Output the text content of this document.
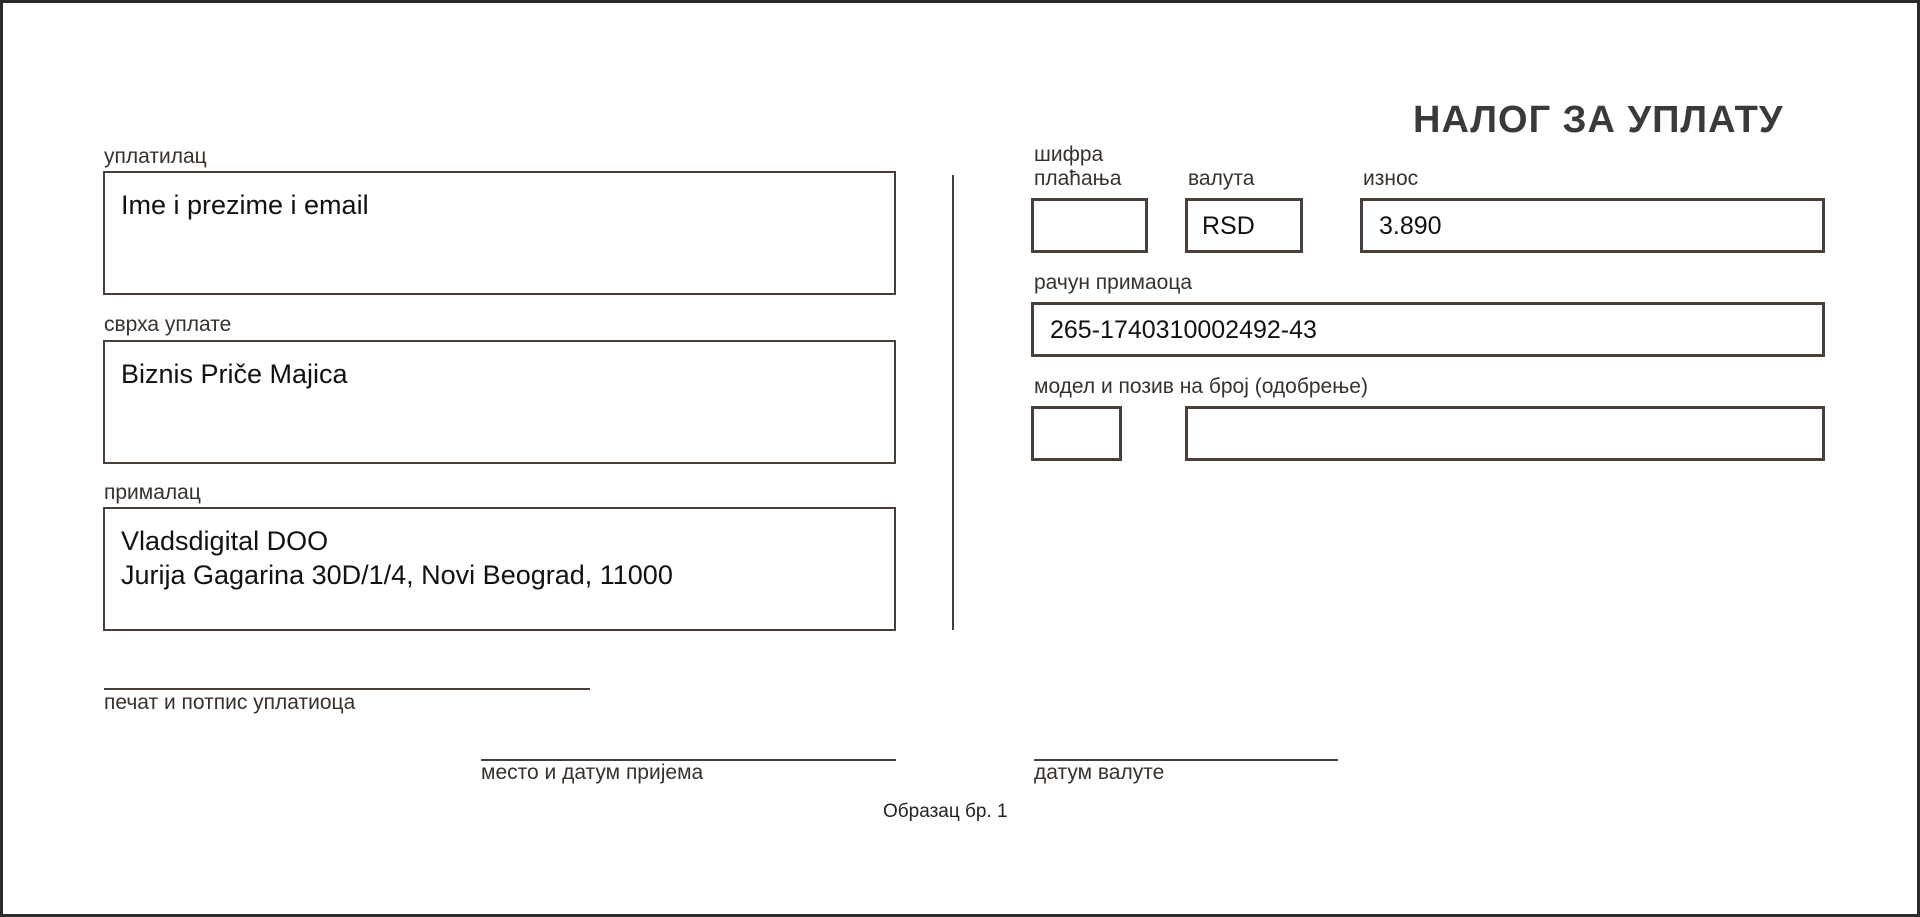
НАЛОГ ЗА УПЛАТУ
уплатилац
Ime i prezime i email
сврха уплате
Biznis Priče Majica
прималац
Vladsdigital DOO
Jurija Gagarina 30D/1/4, Novi Beograd, 11000
шифра
плаћања	валута
RSD
износ
3.890
рачун примаоца
265-1740310002492-43
модел и позив на број (одобрење)
печат и потпис уплатиоца
место и датум пријема	датум валуте
Образац бр. 1
